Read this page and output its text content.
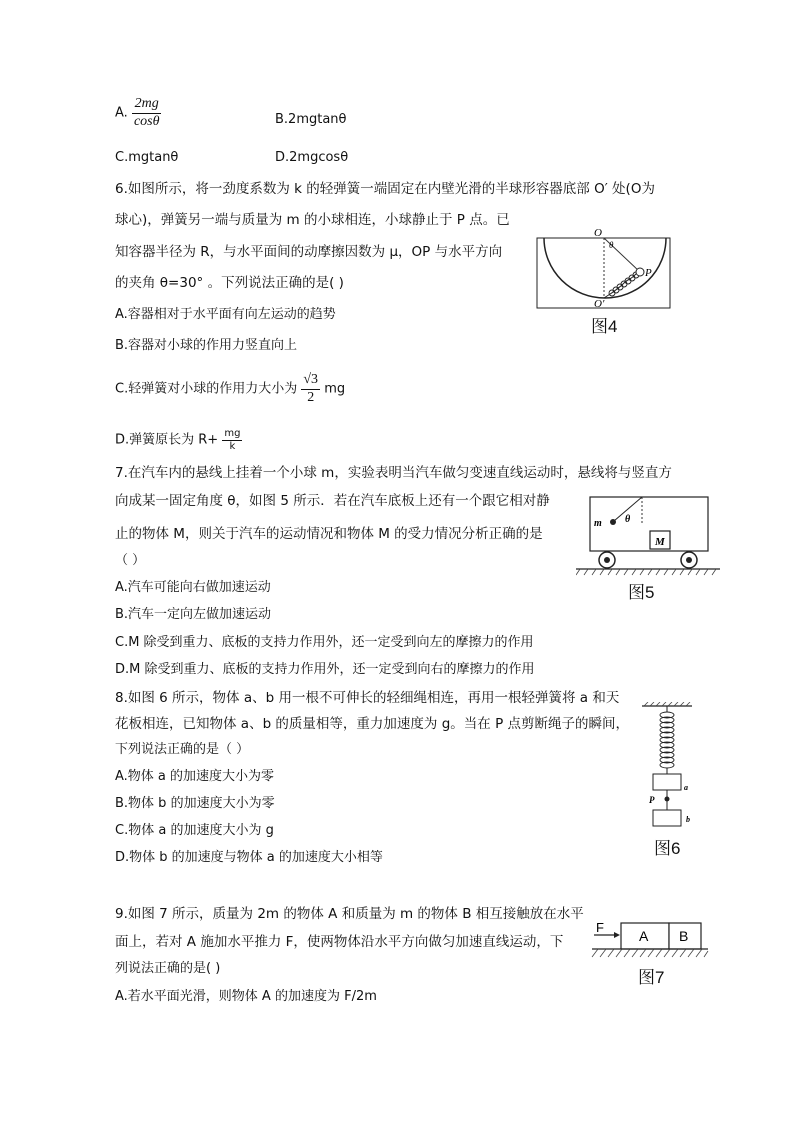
A. $\frac{2mg}{\cos\theta}$	B.2mgtanθ
C.mgtanθ	D.2mgcosθ
6.如图所示，将一劲度系数为 k 的轻弹簧一端固定在内壁光滑的半球形容器底部 O′ 处(O为
球心)，弹簧另一端与质量为 m 的小球相连，小球静止于 P 点。已
知容器半径为 R，与水平面间的动摩擦因数为 μ，OP 与水平方向
的夹角 θ=30° 。下列说法正确的是( )
A.容器相对于水平面有向左运动的趋势
B.容器对小球的作用力竖直向上
C.轻弹簧对小球的作用力大小为 $\frac{√3}{2}$ mg
D.弹簧原长为 $R+ \frac{mg}{k}$
O
θ
P
O′
图4
7.在汽车内的悬线上挂着一个小球 m，实验表明当汽车做匀变速直线运动时，悬线将与竖直方
向成某一固定角度 θ，如图 5 所示．若在汽车底板上还有一个跟它相对静
止的物体 M，则关于汽车的运动情况和物体 M 的受力情况分析正确的是
（ ）
A.汽车可能向右做加速运动
B.汽车一定向左做加速运动
C.M 除受到重力、底板的支持力作用外，还一定受到向左的摩擦力的作用
D.M 除受到重力、底板的支持力作用外，还一定受到向右的摩擦力的作用
m θ
M
图5
8.如图 6 所示，物体 a、b 用一根不可伸长的轻细绳相连，再用一根轻弹簧将 a 和天
花板相连，已知物体 a、b 的质量相等，重力加速度为 g。当在 P 点剪断绳子的瞬间，
下列说法正确的是（ ）
A.物体 a 的加速度大小为零
B.物体 b 的加速度大小为零
C.物体 a 的加速度大小为 g
D.物体 b 的加速度与物体 a 的加速度大小相等
a
P
b
图6
9.如图 7 所示，质量为 2m 的物体 A 和质量为 m 的物体 B 相互接触放在水平
面上，若对 A 施加水平推力 F，使两物体沿水平方向做匀加速直线运动，下
列说法正确的是( )
A.若水平面光滑，则物体 A 的加速度为 F/2m
F
A B
图7
